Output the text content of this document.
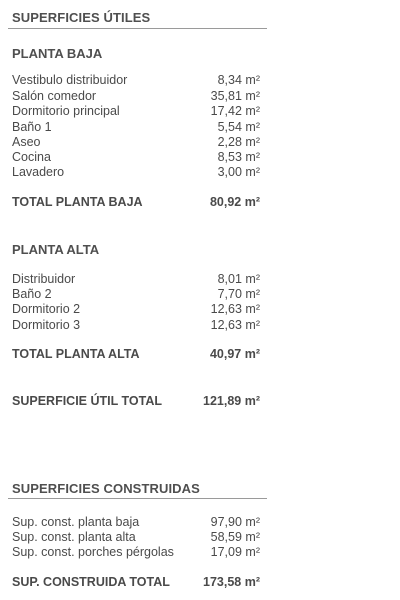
SUPERFICIES ÚTILES
PLANTA BAJA
Vestibulo distribuidor	8,34 m²
Salón comedor	35,81 m²
Dormitorio principal	17,42 m²
Baño 1	5,54 m²
Aseo	2,28 m²
Cocina	8,53 m²
Lavadero	3,00 m²
TOTAL PLANTA BAJA	80,92 m²
PLANTA ALTA
Distribuidor	8,01 m²
Baño 2	7,70 m²
Dormitorio 2	12,63 m²
Dormitorio 3	12,63 m²
TOTAL PLANTA ALTA	40,97 m²
SUPERFICIE ÚTIL TOTAL	121,89 m²
SUPERFICIES CONSTRUIDAS
Sup. const. planta baja	97,90 m²
Sup. const. planta alta	58,59 m²
Sup. const. porches pérgolas	17,09 m²
SUP. CONSTRUIDA TOTAL	173,58 m²
